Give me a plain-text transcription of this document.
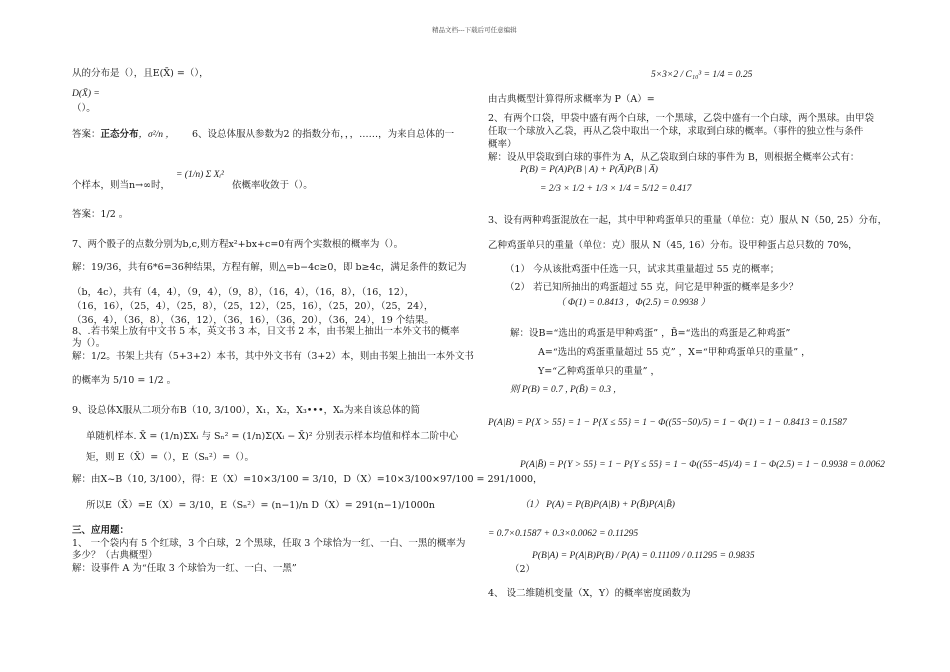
精品文档---下载后可任意编辑
从的分布是（），且E(X̄) =（），
D(X̄) =
（）。
答案：正态分布，σ²/n ， 6、设总体服从参数为2 的指数分布，，，……，为来自总体的一
个样本，则当n→∞时，
= (1/n) Σ Xᵢ²
依概率收敛于（）。
答案：1/2 。
7、两个骰子的点数分别为b,c,则方程x²+bx+c=0有两个实数根的概率为（）。
解：19/36，共有6*6=36种结果，方程有解，则△=b−4c≥0，即 b≥4c，满足条件的数记为
（b，4c），共有（4，4），（9，4），（9，8），（16，4），（16，8），（16，12），
（16，16），（25，4），（25，8），（25，12），（25，16），（25，20），（25，24），
（36，4），（36，8），（36，12），（36，16），（36，20），（36，24），19 个结果。
8、.若书架上放有中文书 5 本，英文书 3 本，日文书 2 本，由书架上抽出一本外文书的概率
为（）。
解：1/2。书架上共有（5+3+2）本书，其中外文书有（3+2）本，则由书架上抽出一本外文书
的概率为 5/10 = 1/2 。
9、设总体X服从二项分布B（10, 3/100），X₁，X₂，X₃•••，Xₙ为来自该总体的简
单随机样本. X̄ = (1/n)ΣXᵢ 与 Sₙ² = (1/n)Σ(Xᵢ − X̄)² 分别表示样本均值和样本二阶中心
矩，则 E（X̄）=（），E（Sₙ²）=（）。
解：由X~B（10, 3/100），得：E（X）=10×3/100 = 3/10，D（X）=10×3/100×97/100 = 291/1000，
所以E（X̄）=E（X）= 3/10，E（Sₙ²）= (n−1)/n D（X）= 291(n−1)/1000n
三、应用题：
1、 一个袋内有 5 个红球，3 个白球，2 个黑球，任取 3 个球恰为一红、一白、一黑的概率为
多少？（古典概型）
解：设事件 A 为“任取 3 个球恰为一红、一白、一黑”
5×3×2 / C₁₀³ = 1/4 = 0.25
由古典概型计算得所求概率为 P（A）=
2、有两个口袋，甲袋中盛有两个白球，一个黑球，乙袋中盛有一个白球，两个黑球。由甲袋
任取一个球放入乙袋，再从乙袋中取出一个球，求取到白球的概率。（事件的独立性与条件
概率）
解：设从甲袋取到白球的事件为 A，从乙袋取到白球的事件为 B，则根据全概率公式有：
P(B) = P(A)P(B | A) + P(A̅)P(B | A̅)
= 2/3 × 1/2 + 1/3 × 1/4 = 5/12 = 0.417
3、设有两种鸡蛋混放在一起，其中甲种鸡蛋单只的重量（单位：克）服从 N（50, 25）分布，
乙种鸡蛋单只的重量（单位：克）服从 N（45, 16）分布。设甲种蛋占总只数的 70%，
（1） 今从该批鸡蛋中任选一只，试求其重量超过 55 克的概率；
（2） 若已知所抽出的鸡蛋超过 55 克，问它是甲种蛋的概率是多少？
（ Φ(1) = 0.8413 ，Φ(2.5) = 0.9938 ）
解：设B=“选出的鸡蛋是甲种鸡蛋” ，B̄=“选出的鸡蛋是乙种鸡蛋”
A=“选出的鸡蛋重量超过 55 克” ，X=“甲种鸡蛋单只的重量” ，
Y=“乙种鸡蛋单只的重量” ，
则 P(B) = 0.7 , P(B̄) = 0.3 ,
P(A|B) = P{X > 55} = 1 − P{X ≤ 55} = 1 − Φ((55−50)/5) = 1 − Φ(1) = 1 − 0.8413 = 0.1587
P(A|B̄) = P{Y > 55} = 1 − P{Y ≤ 55} = 1 − Φ((55−45)/4) = 1 − Φ(2.5) = 1 − 0.9938 = 0.0062
（1） P(A) = P(B)P(A|B) + P(B̄)P(A|B̄)
= 0.7×0.1587 + 0.3×0.0062 = 0.11295
P(B|A) = P(A|B)P(B) / P(A) = 0.11109 / 0.11295 = 0.9835
（2）
4、 设二维随机变量（X，Y）的概率密度函数为
